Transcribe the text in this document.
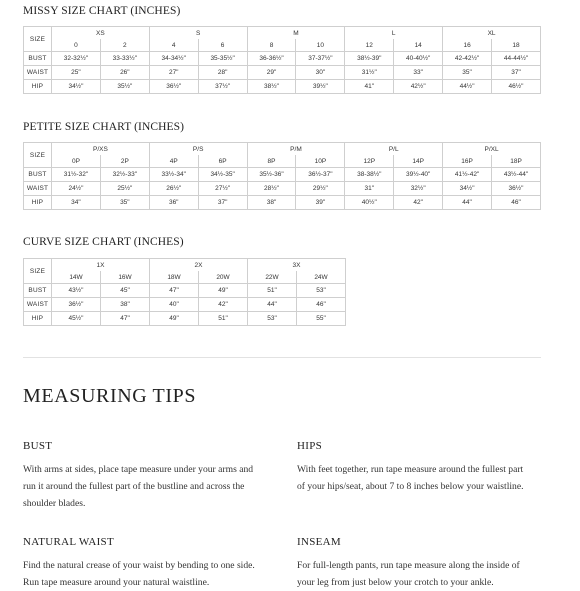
MISSY SIZE CHART (INCHES)
SIZE	XS		S		M		L		XL	
	0	2	4	6	8	10	12	14	16	18
BUST	32-32½"	33-33½"	34-34½"	35-35½"	36-36½"	37-37½"	38½-39"	40-40½"	42-42½"	44-44½"
WAIST	25"	26"	27"	28"	29"	30"	31½"	33"	35"	37"
HIP	34½"	35½"	36½"	37½"	38½"	39½"	41"	42½"	44½"	46½"
PETITE SIZE CHART (INCHES)
SIZE	P/XS		P/S		P/M		P/L		P/XL	
	0P	2P	4P	6P	8P	10P	12P	14P	16P	18P
BUST	31½-32"	32½-33"	33½-34"	34½-35"	35½-36"	36½-37"	38-38½"	39½-40"	41½-42"	43½-44"
WAIST	24½"	25½"	26½"	27½"	28½"	29½"	31"	32½"	34½"	36½"
HIP	34"	35"	36"	37"	38"	39"	40½"	42"	44"	46"
CURVE SIZE CHART (INCHES)
SIZE	1X		2X		3X	
	14W	16W	18W	20W	22W	24W
BUST	43½"	45"	47"	49"	51"	53"
WAIST	36½"	38"	40"	42"	44"	46"
HIP	45½"	47"	49"	51"	53"	55"
MEASURING TIPS
BUST
With arms at sides, place tape measure under your arms and run it around the fullest part of the bustline and across the shoulder blades.
HIPS
With feet together, run tape measure around the fullest part of your hips/seat, about 7 to 8 inches below your waistline.
NATURAL WAIST
Find the natural crease of your waist by bending to one side. Run tape measure around your natural waistline.
INSEAM
For full-length pants, run tape measure along the inside of your leg from just below your crotch to your ankle.
